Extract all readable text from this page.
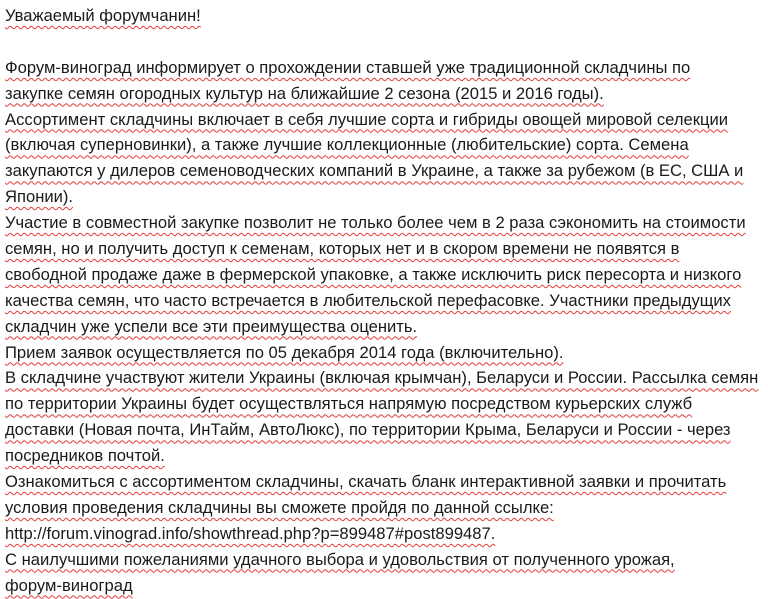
Уважаемый форумчанин!
Форум-виноград информирует о прохождении ставшей уже традиционной складчины по
закупке семян огородных культур на ближайшие 2 сезона (2015 и 2016 годы).
Ассортимент складчины включает в себя лучшие сорта и гибриды овощей мировой селекции
(включая суперновинки), а также лучшие коллекционные (любительские) сорта. Семена
закупаются у дилеров семеноводческих компаний в Украине, а также за рубежом (в ЕС, США и
Японии).
Участие в совместной закупке позволит не только более чем в 2 раза сэкономить на стоимости
семян, но и получить доступ к семенам, которых нет и в скором времени не появятся в
свободной продаже даже в фермерской упаковке, а также исключить риск пересорта и низкого
качества семян, что часто встречается в любительской перефасовке. Участники предыдущих
складчин уже успели все эти преимущества оценить.
Прием заявок осуществляется по 05 декабря 2014 года (включительно).
В складчине участвуют жители Украины (включая крымчан), Беларуси и России. Рассылка семян
по территории Украины будет осуществляться напрямую посредством курьерских служб
доставки (Новая почта, ИнТайм, АвтоЛюкс), по территории Крыма, Беларуси и России - через
посредников почтой.
Ознакомиться с ассортиментом складчины, скачать бланк интерактивной заявки и прочитать
условия проведения складчины вы сможете пройдя по данной ссылке:
http://forum.vinograd.info/showthread.php?p=899487#post899487.
С наилучшими пожеланиями удачного выбора и удовольствия от полученного урожая,
форум-виноград
